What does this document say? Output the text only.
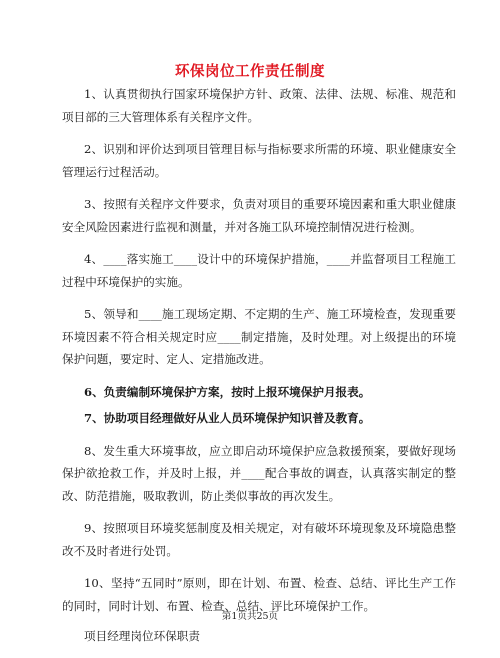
环保岗位工作责任制度

1、认真贯彻执行国家环境保护方针、政策、法律、法规、标准、规范和项目部的三大管理体系有关程序文件。

2、识别和评价达到项目管理目标与指标要求所需的环境、职业健康安全管理运行过程活动。

3、按照有关程序文件要求，负责对项目的重要环境因素和重大职业健康安全风险因素进行监视和测量，并对各施工队环境控制情况进行检测。

4、____落实施工____设计中的环境保护措施，____并监督项目工程施工过程中环境保护的实施。

5、领导和____施工现场定期、不定期的生产、施工环境检查，发现重要环境因素不符合相关规定时应____制定措施，及时处理。对上级提出的环境保护问题，要定时、定人、定措施改进。

6、负责编制环境保护方案，按时上报环境保护月报表。

7、协助项目经理做好从业人员环境保护知识普及教育。

8、发生重大环境事故，应立即启动环境保护应急救援预案，要做好现场保护欲抢救工作，并及时上报，并____配合事故的调查，认真落实制定的整改、防范措施，吸取教训，防止类似事故的再次发生。

9、按照项目环境奖惩制度及相关规定，对有破坏环境现象及环境隐患整改不及时者进行处罚。

10、坚持“五同时”原则，即在计划、布置、检查、总结、评比生产工作的同时，同时计划、布置、检查、总结、评比环境保护工作。

项目经理岗位环保职责

第1页共25页
